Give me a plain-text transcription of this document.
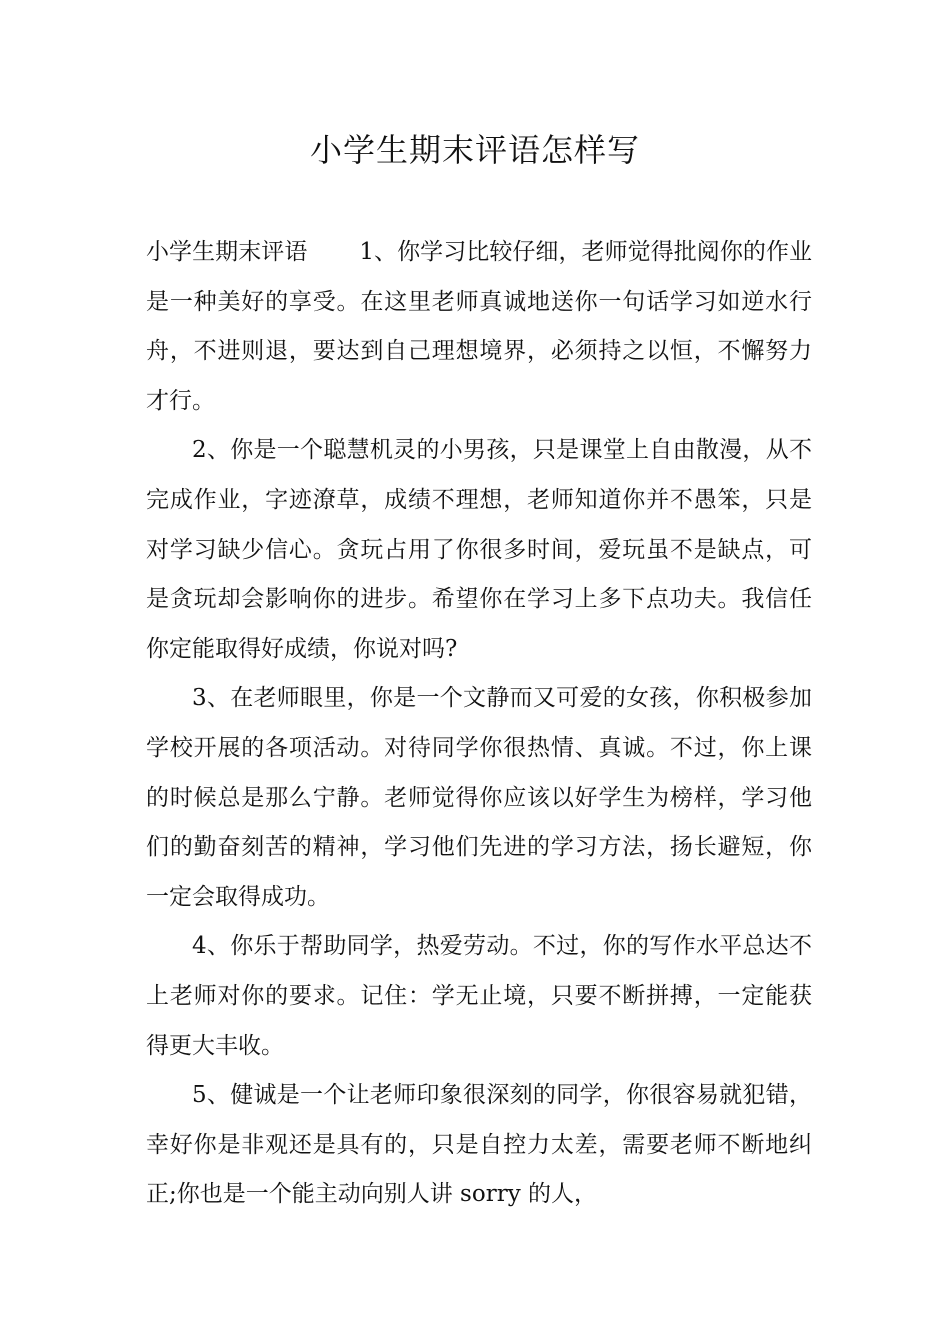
小学生期末评语怎样写

小学生期末评语 1、你学习比较仔细，老师觉得批阅你的作业是一种美好的享受。在这里老师真诚地送你一句话学习如逆水行舟，不进则退，要达到自己理想境界，必须持之以恒，不懈努力才行。

2、你是一个聪慧机灵的小男孩，只是课堂上自由散漫，从不完成作业，字迹潦草，成绩不理想，老师知道你并不愚笨，只是对学习缺少信心。贪玩占用了你很多时间，爱玩虽不是缺点，可是贪玩却会影响你的进步。希望你在学习上多下点功夫。我信任你定能取得好成绩，你说对吗?

3、在老师眼里，你是一个文静而又可爱的女孩，你积极参加学校开展的各项活动。对待同学你很热情、真诚。不过，你上课的时候总是那么宁静。老师觉得你应该以好学生为榜样，学习他们的勤奋刻苦的精神，学习他们先进的学习方法，扬长避短，你一定会取得成功。

4、你乐于帮助同学，热爱劳动。不过，你的写作水平总达不上老师对你的要求。记住：学无止境，只要不断拼搏，一定能获得更大丰收。

5、健诚是一个让老师印象很深刻的同学，你很容易就犯错，幸好你是非观还是具有的，只是自控力太差，需要老师不断地纠正;你也是一个能主动向别人讲 sorry 的人，
